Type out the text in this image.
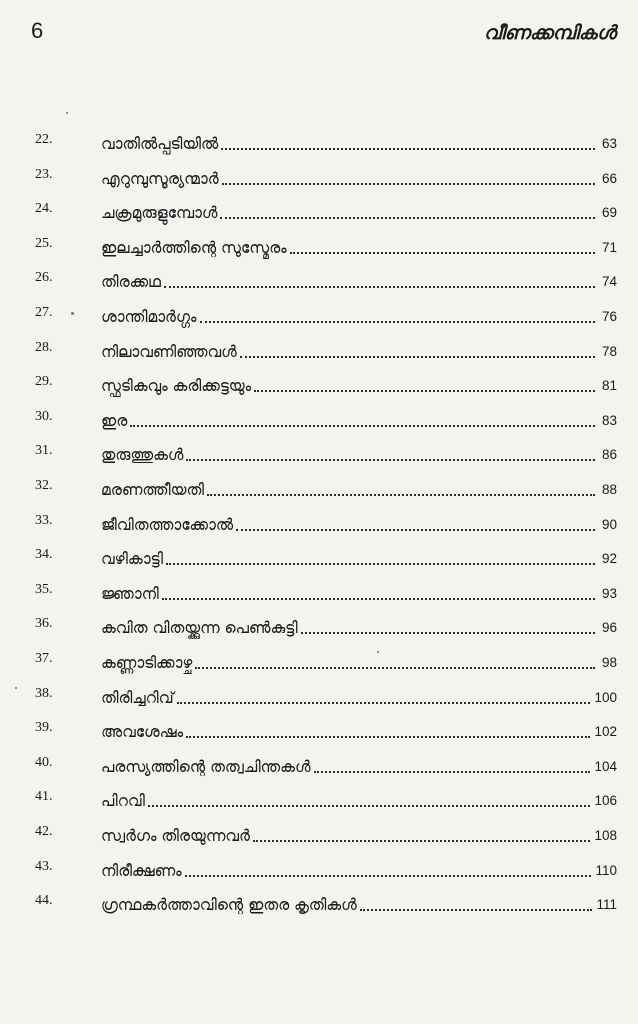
6	വീണക്കമ്പികൾ
22.	വാതിൽപ്പടിയിൽ	63
23.	എറുമ്പുസൂര്യന്മാർ	66
24.	ചക്രമുരുളുമ്പോൾ	69
25.	ഇലച്ചാർത്തിന്റെ സുസ്മേരം	71
26.	തിരക്കഥ	74
27.	ശാന്തിമാർഗ്ഗം	76
28.	നിലാവണിഞ്ഞവൾ	78
29.	സ്ഫടികവും കരിക്കട്ടയും	81
30.	ഇര	83
31.	തുരുത്തുകൾ	86
32.	മരണത്തീയതി	88
33.	ജീവിതത്താക്കോൽ	90
34.	വഴികാട്ടി	92
35.	ജ്ഞാനി	93
36.	കവിത വിതയ്ക്കുന്ന പെൺകുട്ടി	96
37.	കണ്ണാടിക്കാഴ്ച	98
38.	തിരിച്ചറിവ്	100
39.	അവശേഷം	102
40.	പരസ്യത്തിന്റെ തത്വചിന്തകൾ	104
41.	പിറവി	106
42.	സ്വർഗം തിരയുന്നവർ	108
43.	നിരീക്ഷണം	110
44.	ഗ്രന്ഥകർത്താവിന്റെ ഇതര കൃതികൾ	111
